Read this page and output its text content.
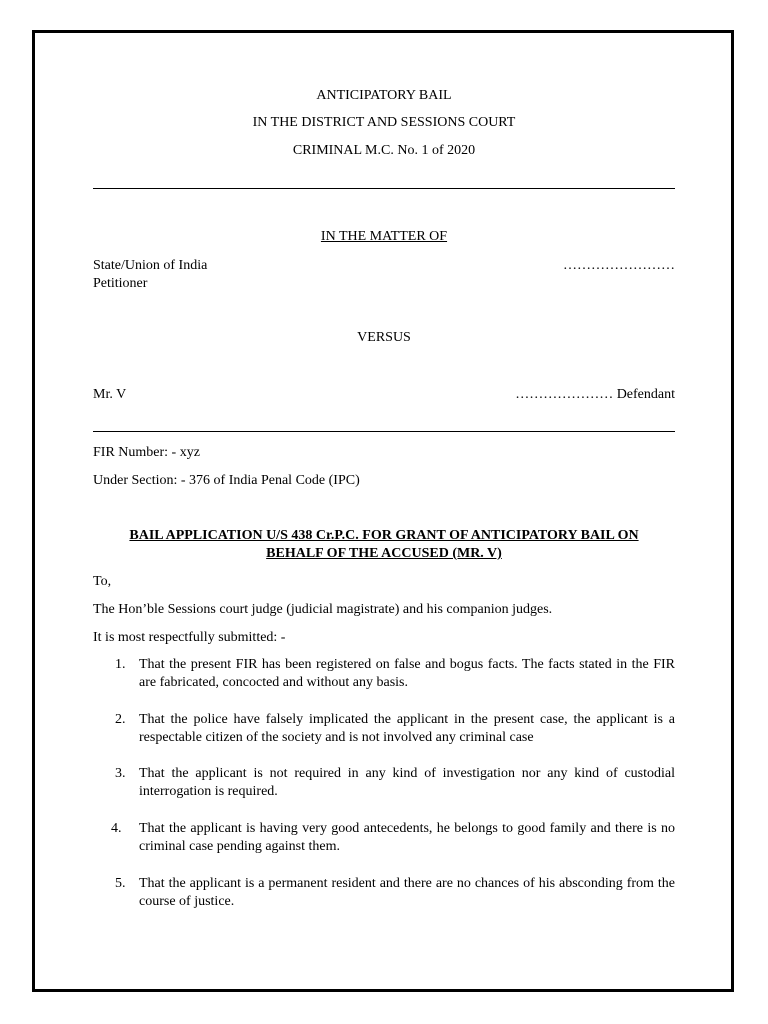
ANTICIPATORY BAIL
IN THE DISTRICT AND SESSIONS COURT
CRIMINAL M.C. No. 1 of 2020
IN THE MATTER OF
State/Union of India	……………………
Petitioner
VERSUS
Mr. V	………………… Defendant
FIR Number: - xyz
Under Section: - 376 of India Penal Code (IPC)
BAIL APPLICATION U/S 438 Cr.P.C. FOR GRANT OF ANTICIPATORY BAIL ON
BEHALF OF THE ACCUSED (MR. V)
To,
The Hon’ble Sessions court judge (judicial magistrate) and his companion judges.
It is most respectfully submitted: -
1. That the present FIR has been registered on false and bogus facts. The facts stated in the FIR are fabricated, concocted and without any basis.
2. That the police have falsely implicated the applicant in the present case, the applicant is a respectable citizen of the society and is not involved any criminal case
3. That the applicant is not required in any kind of investigation nor any kind of custodial interrogation is required.
4. That the applicant is having very good antecedents, he belongs to good family and there is no criminal case pending against them.
5. That the applicant is a permanent resident and there are no chances of his absconding from the course of justice.
